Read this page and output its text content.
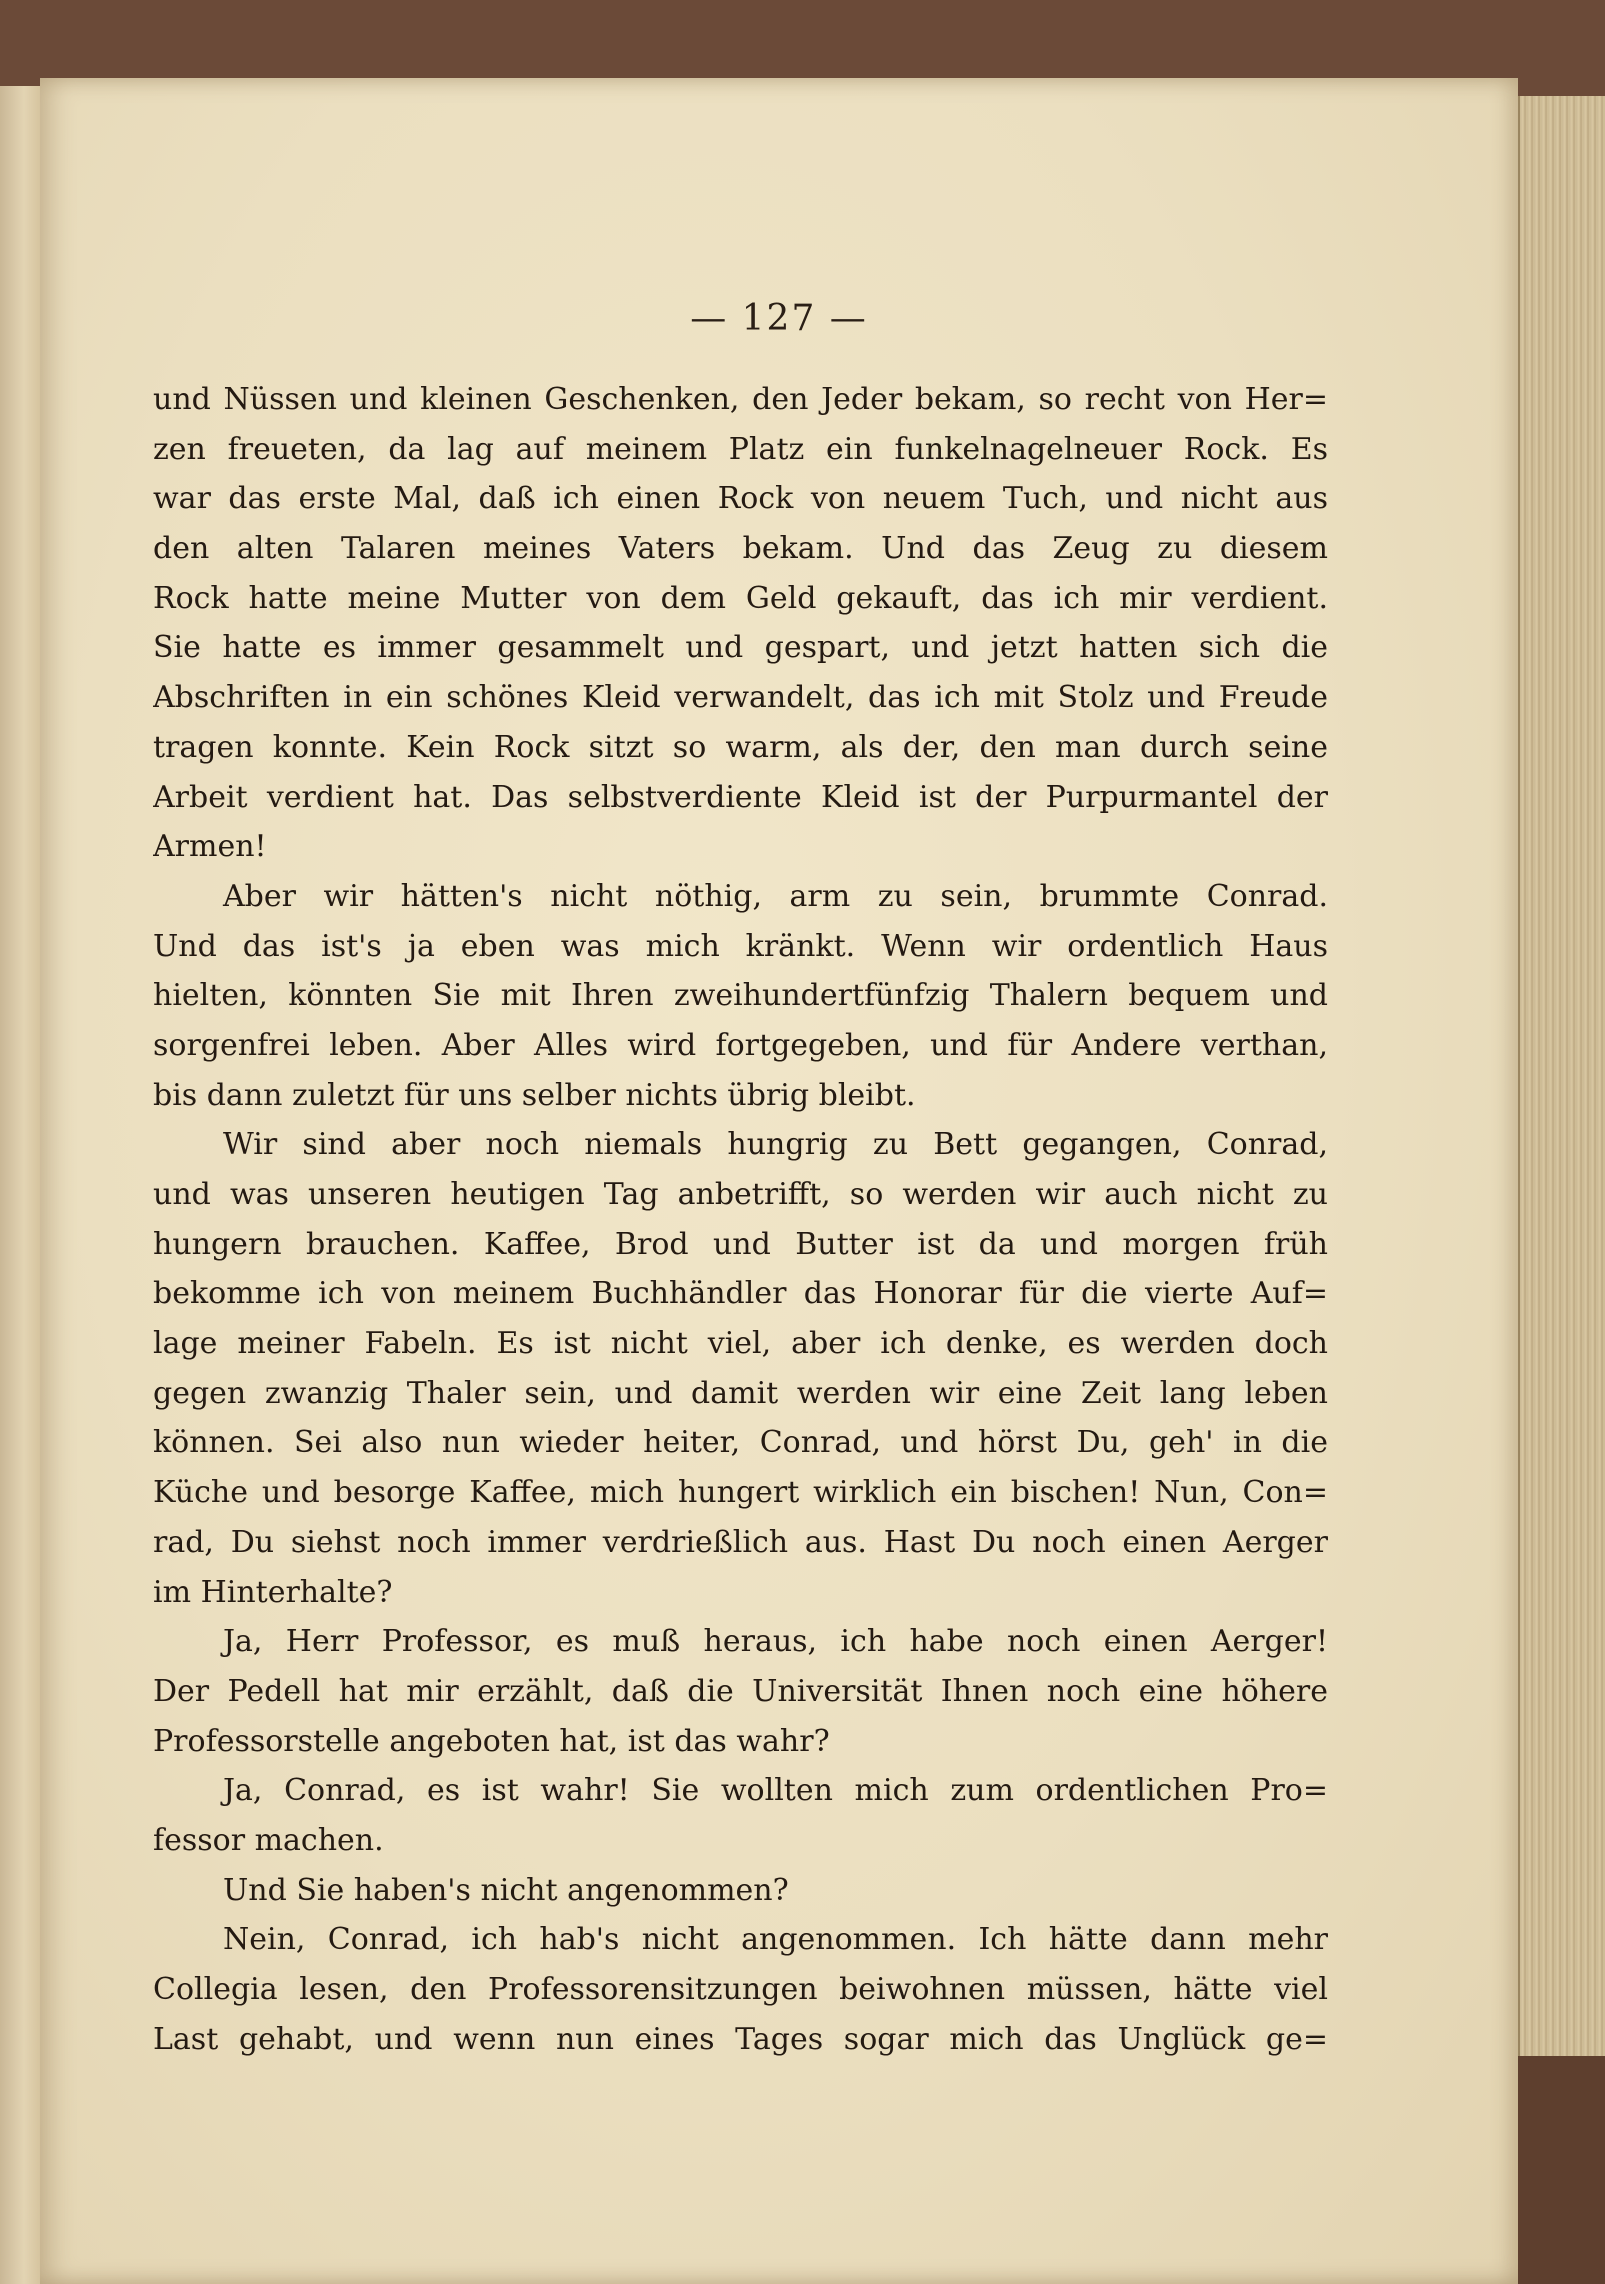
— 127 —
und Nüssen und kleinen Geschenken, den Jeder bekam, so recht von Her=
zen freueten, da lag auf meinem Platz ein funkelnagelneuer Rock. Es
war das erste Mal, daß ich einen Rock von neuem Tuch, und nicht aus
den alten Talaren meines Vaters bekam. Und das Zeug zu diesem
Rock hatte meine Mutter von dem Geld gekauft, das ich mir verdient.
Sie hatte es immer gesammelt und gespart, und jetzt hatten sich die
Abschriften in ein schönes Kleid verwandelt, das ich mit Stolz und Freude
tragen konnte. Kein Rock sitzt so warm, als der, den man durch seine
Arbeit verdient hat. Das selbstverdiente Kleid ist der Purpurmantel der
Armen!
Aber wir hätten's nicht nöthig, arm zu sein, brummte Conrad.
Und das ist's ja eben was mich kränkt. Wenn wir ordentlich Haus
hielten, könnten Sie mit Ihren zweihundertfünfzig Thalern bequem und
sorgenfrei leben. Aber Alles wird fortgegeben, und für Andere verthan,
bis dann zuletzt für uns selber nichts übrig bleibt.
Wir sind aber noch niemals hungrig zu Bett gegangen, Conrad,
und was unseren heutigen Tag anbetrifft, so werden wir auch nicht zu
hungern brauchen. Kaffee, Brod und Butter ist da und morgen früh
bekomme ich von meinem Buchhändler das Honorar für die vierte Auf=
lage meiner Fabeln. Es ist nicht viel, aber ich denke, es werden doch
gegen zwanzig Thaler sein, und damit werden wir eine Zeit lang leben
können. Sei also nun wieder heiter, Conrad, und hörst Du, geh' in die
Küche und besorge Kaffee, mich hungert wirklich ein bischen! Nun, Con=
rad, Du siehst noch immer verdrießlich aus. Hast Du noch einen Aerger
im Hinterhalte?
Ja, Herr Professor, es muß heraus, ich habe noch einen Aerger!
Der Pedell hat mir erzählt, daß die Universität Ihnen noch eine höhere
Professorstelle angeboten hat, ist das wahr?
Ja, Conrad, es ist wahr! Sie wollten mich zum ordentlichen Pro=
fessor machen.
Und Sie haben's nicht angenommen?
Nein, Conrad, ich hab's nicht angenommen. Ich hätte dann mehr
Collegia lesen, den Professorensitzungen beiwohnen müssen, hätte viel
Last gehabt, und wenn nun eines Tages sogar mich das Unglück ge=
